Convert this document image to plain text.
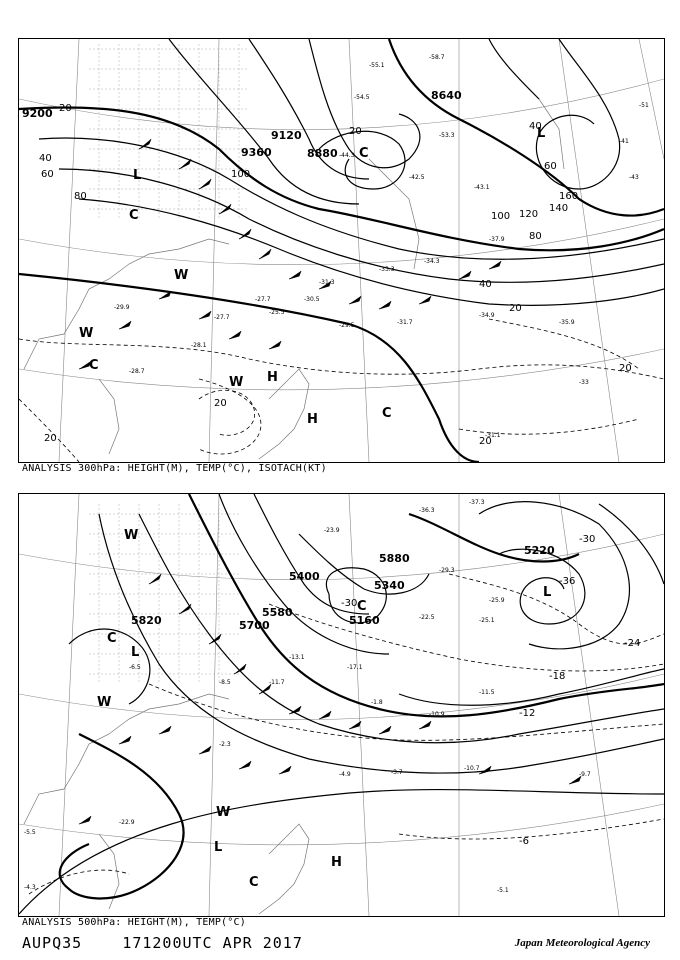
9200
9360
9120
8640
8880
20
40
60
80
100
120
140
160
20	40
60
80
100
20
40
20
20
20
20
L
L
W
W
C
C
W H
H	C
C
-58.7
-55.1
-53.3
-54.5
-44.3
-42.5
-43.1
-37.9
-34.9
-35.9
-31.7
-29.5
-30.5
-27.7
-28.1
-31.3
-33.3
-34.3
-51
-41
-43
-33
-31.1
-28.7
-29.9
-27.7
-25.5
ANALYSIS 300hPa: HEIGHT(M), TEMP(°C), ISOTACH(KT)
5400
5340
5220
5580
5700
5820
5880
5160
-36
-30
-24
-18
-12
-6
-30
L
W
C
C
L
W
W
L
H
C
-37.3
-36.3
-29.3
-25.9
-23.9
-22.5	-25.1
-17.1
-11.5
-10.9
-10.7
-9.7
-5.1
-3.7
-4.9
-6.5
-8.5	-11.7
-13.1
-1.8
-2.3
-22.9
-5.5
-4.3
ANALYSIS 500hPa: HEIGHT(M), TEMP(°C)
AUPQ35	171200UTC APR 2017	Japan Meteorological Agency
